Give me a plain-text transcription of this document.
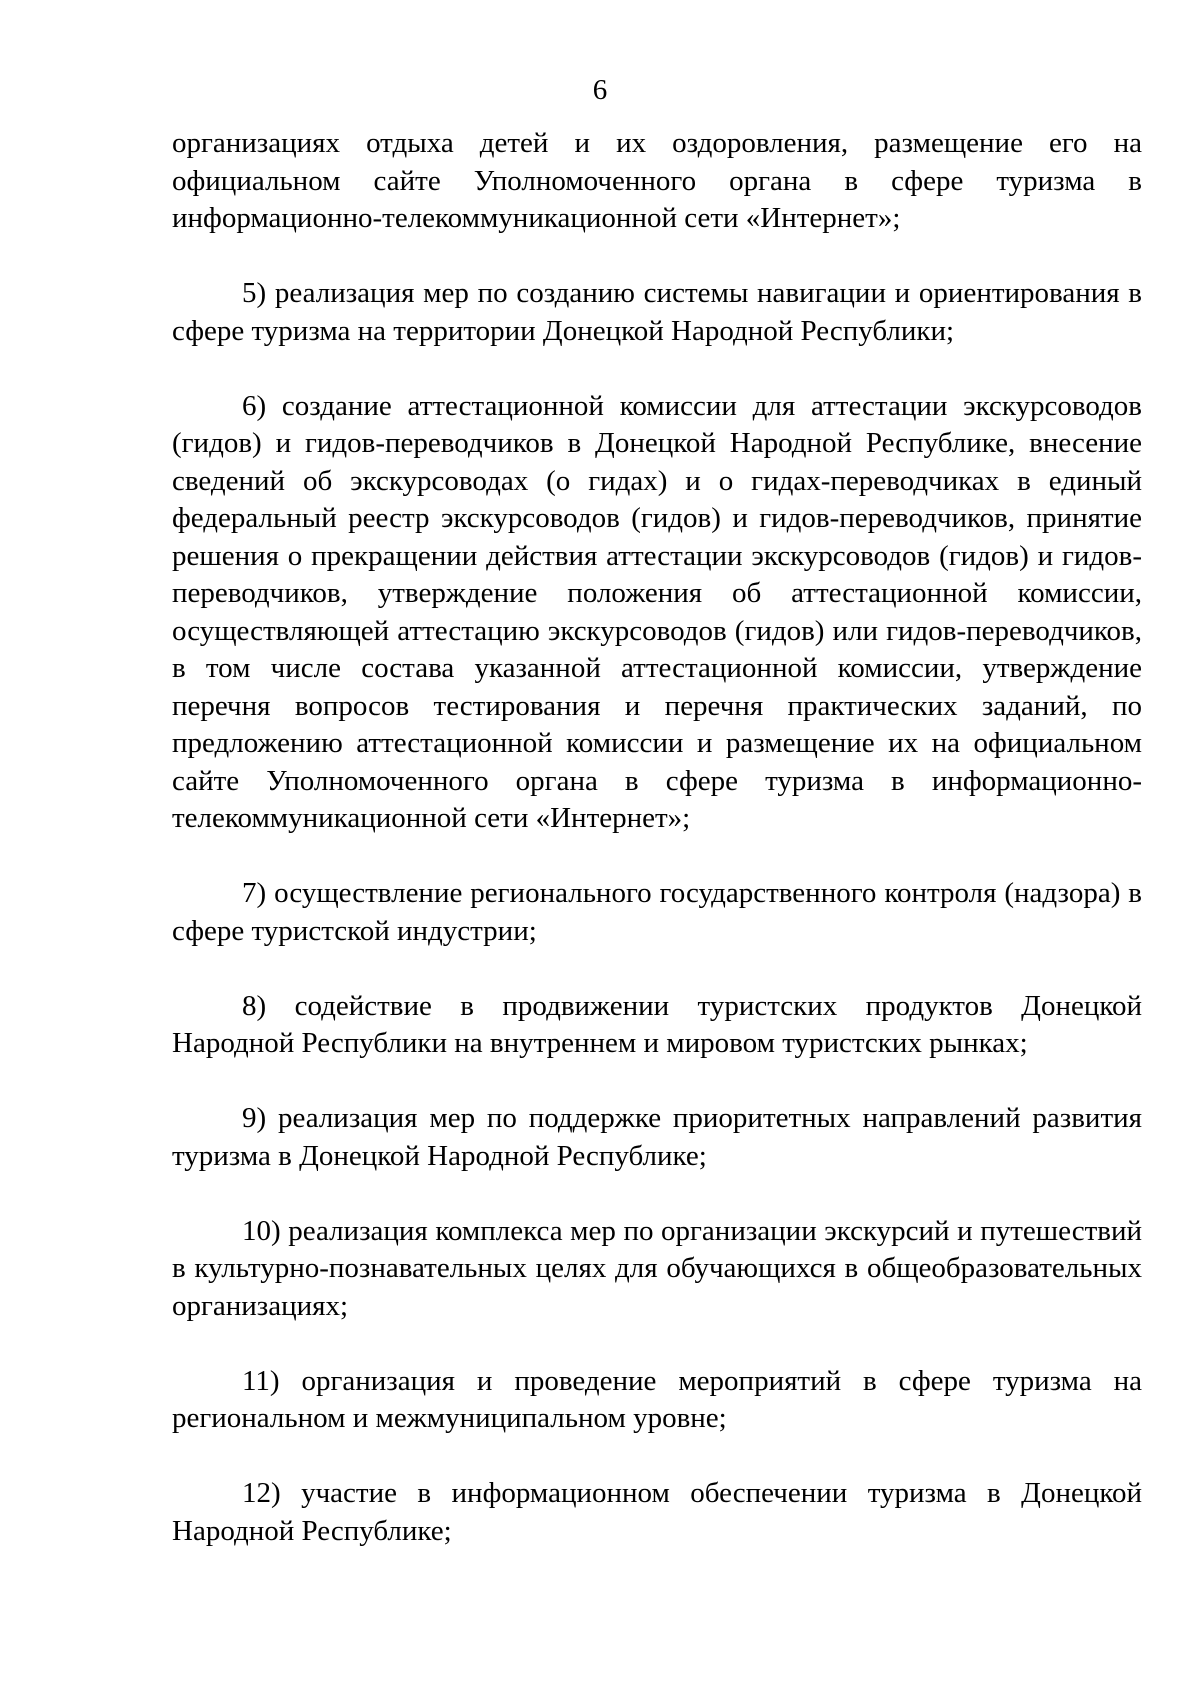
6

организациях отдыха детей и их оздоровления, размещение его на официальном сайте Уполномоченного органа в сфере туризма в информационно-телекоммуникационной сети «Интернет»;

5) реализация мер по созданию системы навигации и ориентирования в сфере туризма на территории Донецкой Народной Республики;

6) создание аттестационной комиссии для аттестации экскурсоводов (гидов) и гидов-переводчиков в Донецкой Народной Республике, внесение сведений об экскурсоводах (о гидах) и о гидах-переводчиках в единый федеральный реестр экскурсоводов (гидов) и гидов-переводчиков, принятие решения о прекращении действия аттестации экскурсоводов (гидов) и гидов-переводчиков, утверждение положения об аттестационной комиссии, осуществляющей аттестацию экскурсоводов (гидов) или гидов-переводчиков, в том числе состава указанной аттестационной комиссии, утверждение перечня вопросов тестирования и перечня практических заданий, по предложению аттестационной комиссии и размещение их на официальном сайте Уполномоченного органа в сфере туризма в информационно-телекоммуникационной сети «Интернет»;

7) осуществление регионального государственного контроля (надзора) в сфере туристской индустрии;

8) содействие в продвижении туристских продуктов Донецкой Народной Республики на внутреннем и мировом туристских рынках;

9) реализация мер по поддержке приоритетных направлений развития туризма в Донецкой Народной Республике;

10) реализация комплекса мер по организации экскурсий и путешествий в культурно-познавательных целях для обучающихся в общеобразовательных организациях;

11) организация и проведение мероприятий в сфере туризма на региональном и межмуниципальном уровне;

12) участие в информационном обеспечении туризма в Донецкой Народной Республике;
